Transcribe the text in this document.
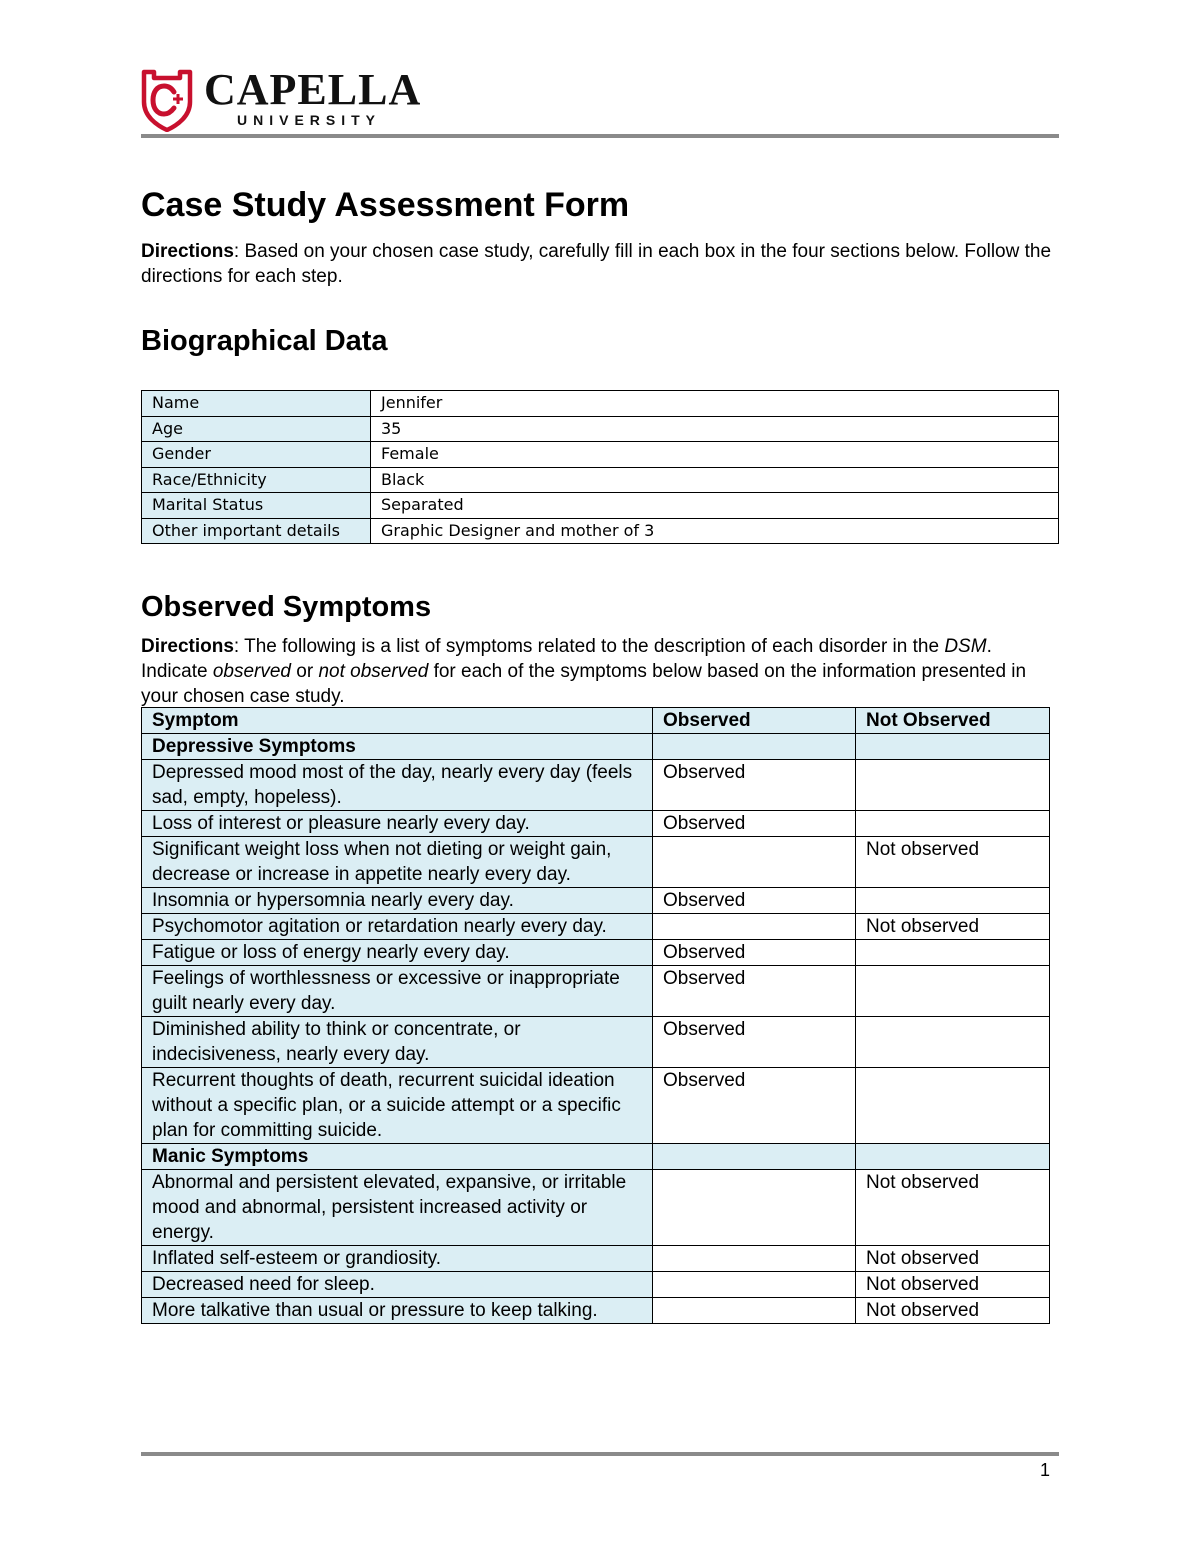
CAPELLA
UNIVERSITY
Case Study Assessment Form

Directions: Based on your chosen case study, carefully fill in each box in the four sections below. Follow the directions for each step.

Biographical Data
Name	Jennifer
Age	35
Gender	Female
Race/Ethnicity	Black
Marital Status	Separated
Other important details	Graphic Designer and mother of 3
Observed Symptoms

Directions: The following is a list of symptoms related to the description of each disorder in the DSM. Indicate observed or not observed for each of the symptoms below based on the information presented in your chosen case study.

Symptom	Observed	Not Observed
Depressive Symptoms		
Depressed mood most of the day, nearly every day (feels sad, empty, hopeless).	Observed	
Loss of interest or pleasure nearly every day.	Observed	
Significant weight loss when not dieting or weight gain, decrease or increase in appetite nearly every day.		Not observed
Insomnia or hypersomnia nearly every day.	Observed	
Psychomotor agitation or retardation nearly every day.		Not observed
Fatigue or loss of energy nearly every day.	Observed	
Feelings of worthlessness or excessive or inappropriate guilt nearly every day.	Observed	
Diminished ability to think or concentrate, or indecisiveness, nearly every day.	Observed	
Recurrent thoughts of death, recurrent suicidal ideation without a specific plan, or a suicide attempt or a specific plan for committing suicide.	Observed	
Manic Symptoms		
Abnormal and persistent elevated, expansive, or irritable mood and abnormal, persistent increased activity or energy.		Not observed
Inflated self-esteem or grandiosity.		Not observed
Decreased need for sleep.		Not observed
More talkative than usual or pressure to keep talking.		Not observed
1
